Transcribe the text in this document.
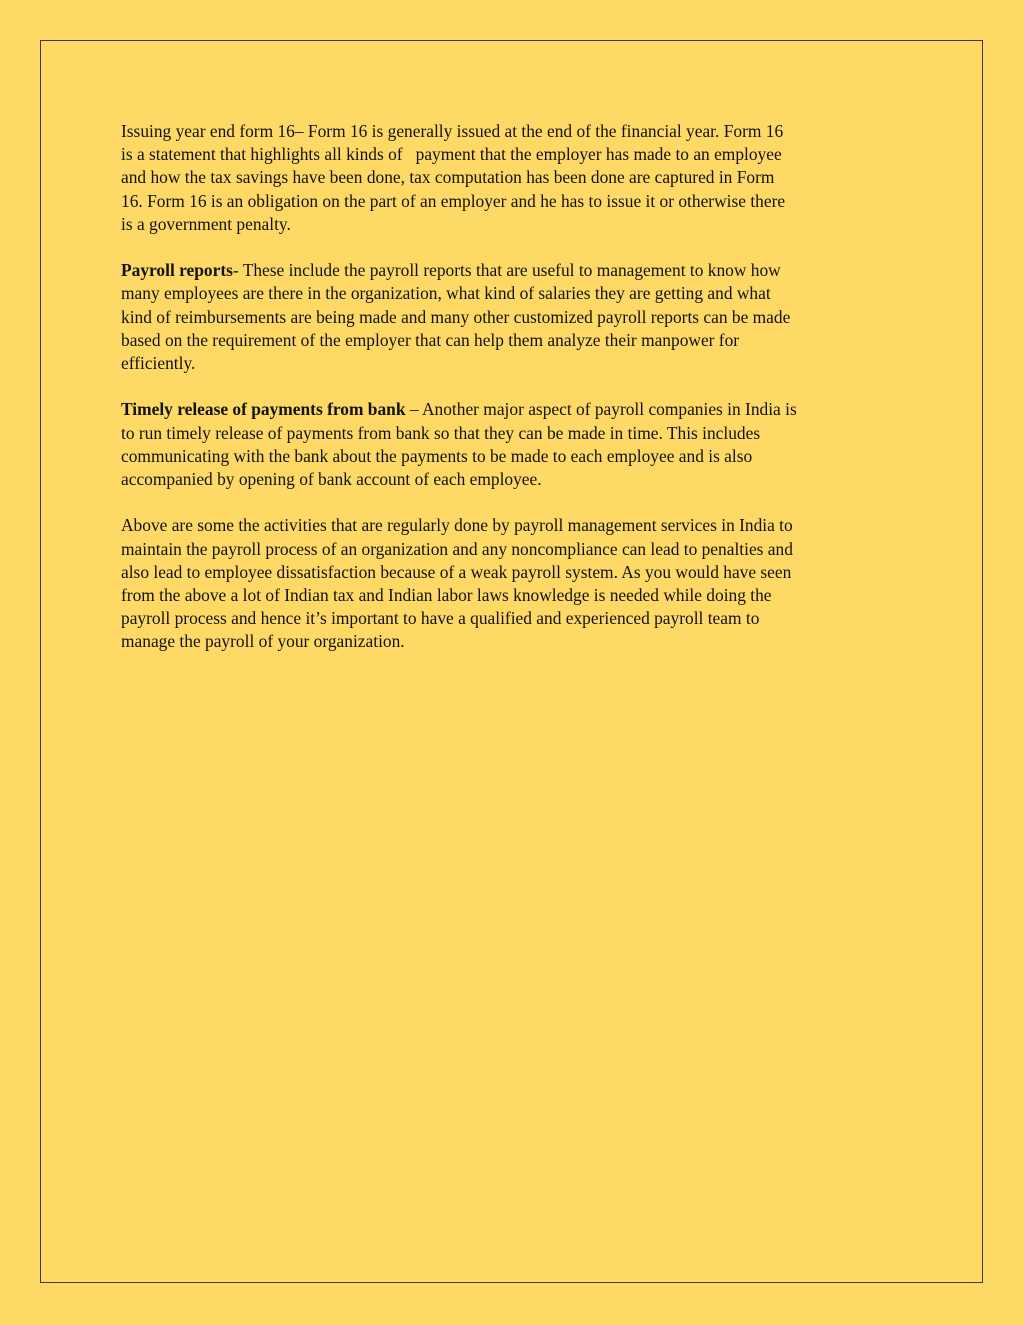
Issuing year end form 16– Form 16 is generally issued at the end of the financial year. Form 16
is a statement that highlights all kinds of   payment that the employer has made to an employee
and how the tax savings have been done, tax computation has been done are captured in Form
16. Form 16 is an obligation on the part of an employer and he has to issue it or otherwise there
is a government penalty.

Payroll reports- These include the payroll reports that are useful to management to know how
many employees are there in the organization, what kind of salaries they are getting and what
kind of reimbursements are being made and many other customized payroll reports can be made
based on the requirement of the employer that can help them analyze their manpower for
efficiently.

Timely release of payments from bank – Another major aspect of payroll companies in India is
to run timely release of payments from bank so that they can be made in time. This includes
communicating with the bank about the payments to be made to each employee and is also
accompanied by opening of bank account of each employee.

Above are some the activities that are regularly done by payroll management services in India to
maintain the payroll process of an organization and any noncompliance can lead to penalties and
also lead to employee dissatisfaction because of a weak payroll system. As you would have seen
from the above a lot of Indian tax and Indian labor laws knowledge is needed while doing the
payroll process and hence it’s important to have a qualified and experienced payroll team to
manage the payroll of your organization.
